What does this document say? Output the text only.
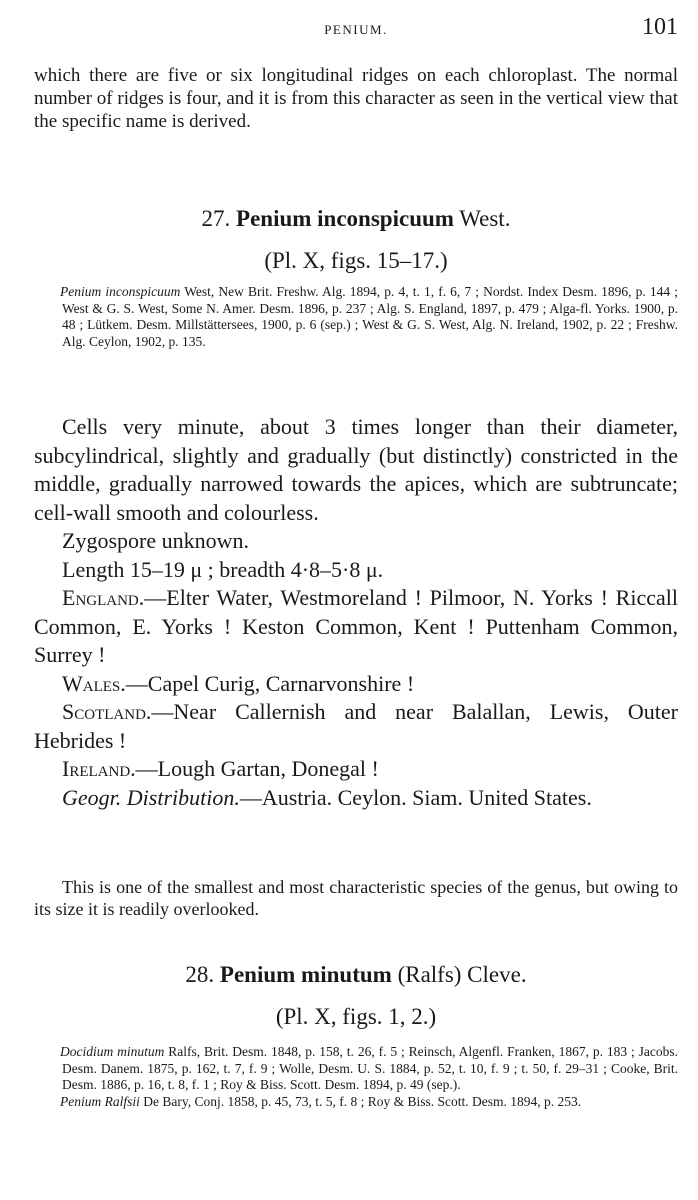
PENIUM.	101
which there are five or six longitudinal ridges on each chloroplast. The normal number of ridges is four, and it is from this character as seen in the vertical view that the specific name is derived.
27. Penium inconspicuum West.
(Pl. X, figs. 15–17.)
Penium inconspicuum West, New Brit. Freshw. Alg. 1894, p. 4, t. 1, f. 6, 7 ; Nordst. Index Desm. 1896, p. 144 ; West & G. S. West, Some N. Amer. Desm. 1896, p. 237 ; Alg. S. England, 1897, p. 479 ; Alga-fl. Yorks. 1900, p. 48 ; Lütkem. Desm. Millstättersees, 1900, p. 6 (sep.) ; West & G. S. West, Alg. N. Ireland, 1902, p. 22 ; Freshw. Alg. Ceylon, 1902, p. 135.
Cells very minute, about 3 times longer than their diameter, subcylindrical, slightly and gradually (but distinctly) constricted in the middle, gradually narrowed towards the apices, which are subtruncate; cell-wall smooth and colourless.
Zygospore unknown.
Length 15–19 μ ; breadth 4·8–5·8 μ.
England.—Elter Water, Westmoreland ! Pilmoor, N. Yorks ! Riccall Common, E. Yorks ! Keston Common, Kent ! Puttenham Common, Surrey !
Wales.—Capel Curig, Carnarvonshire !
Scotland.—Near Callernish and near Balallan, Lewis, Outer Hebrides !
Ireland.—Lough Gartan, Donegal !
Geogr. Distribution.—Austria. Ceylon. Siam. United States.
This is one of the smallest and most characteristic species of the genus, but owing to its size it is readily overlooked.
28. Penium minutum (Ralfs) Cleve.
(Pl. X, figs. 1, 2.)
Docidium minutum Ralfs, Brit. Desm. 1848, p. 158, t. 26, f. 5 ; Reinsch, Algenfl. Franken, 1867, p. 183 ; Jacobs. Desm. Danem. 1875, p. 162, t. 7, f. 9 ; Wolle, Desm. U. S. 1884, p. 52, t. 10, f. 9 ; t. 50, f. 29–31 ; Cooke, Brit. Desm. 1886, p. 16, t. 8, f. 1 ; Roy & Biss. Scott. Desm. 1894, p. 49 (sep.).
Penium Ralfsii De Bary, Conj. 1858, p. 45, 73, t. 5, f. 8 ; Roy & Biss. Scott. Desm. 1894, p. 253.
